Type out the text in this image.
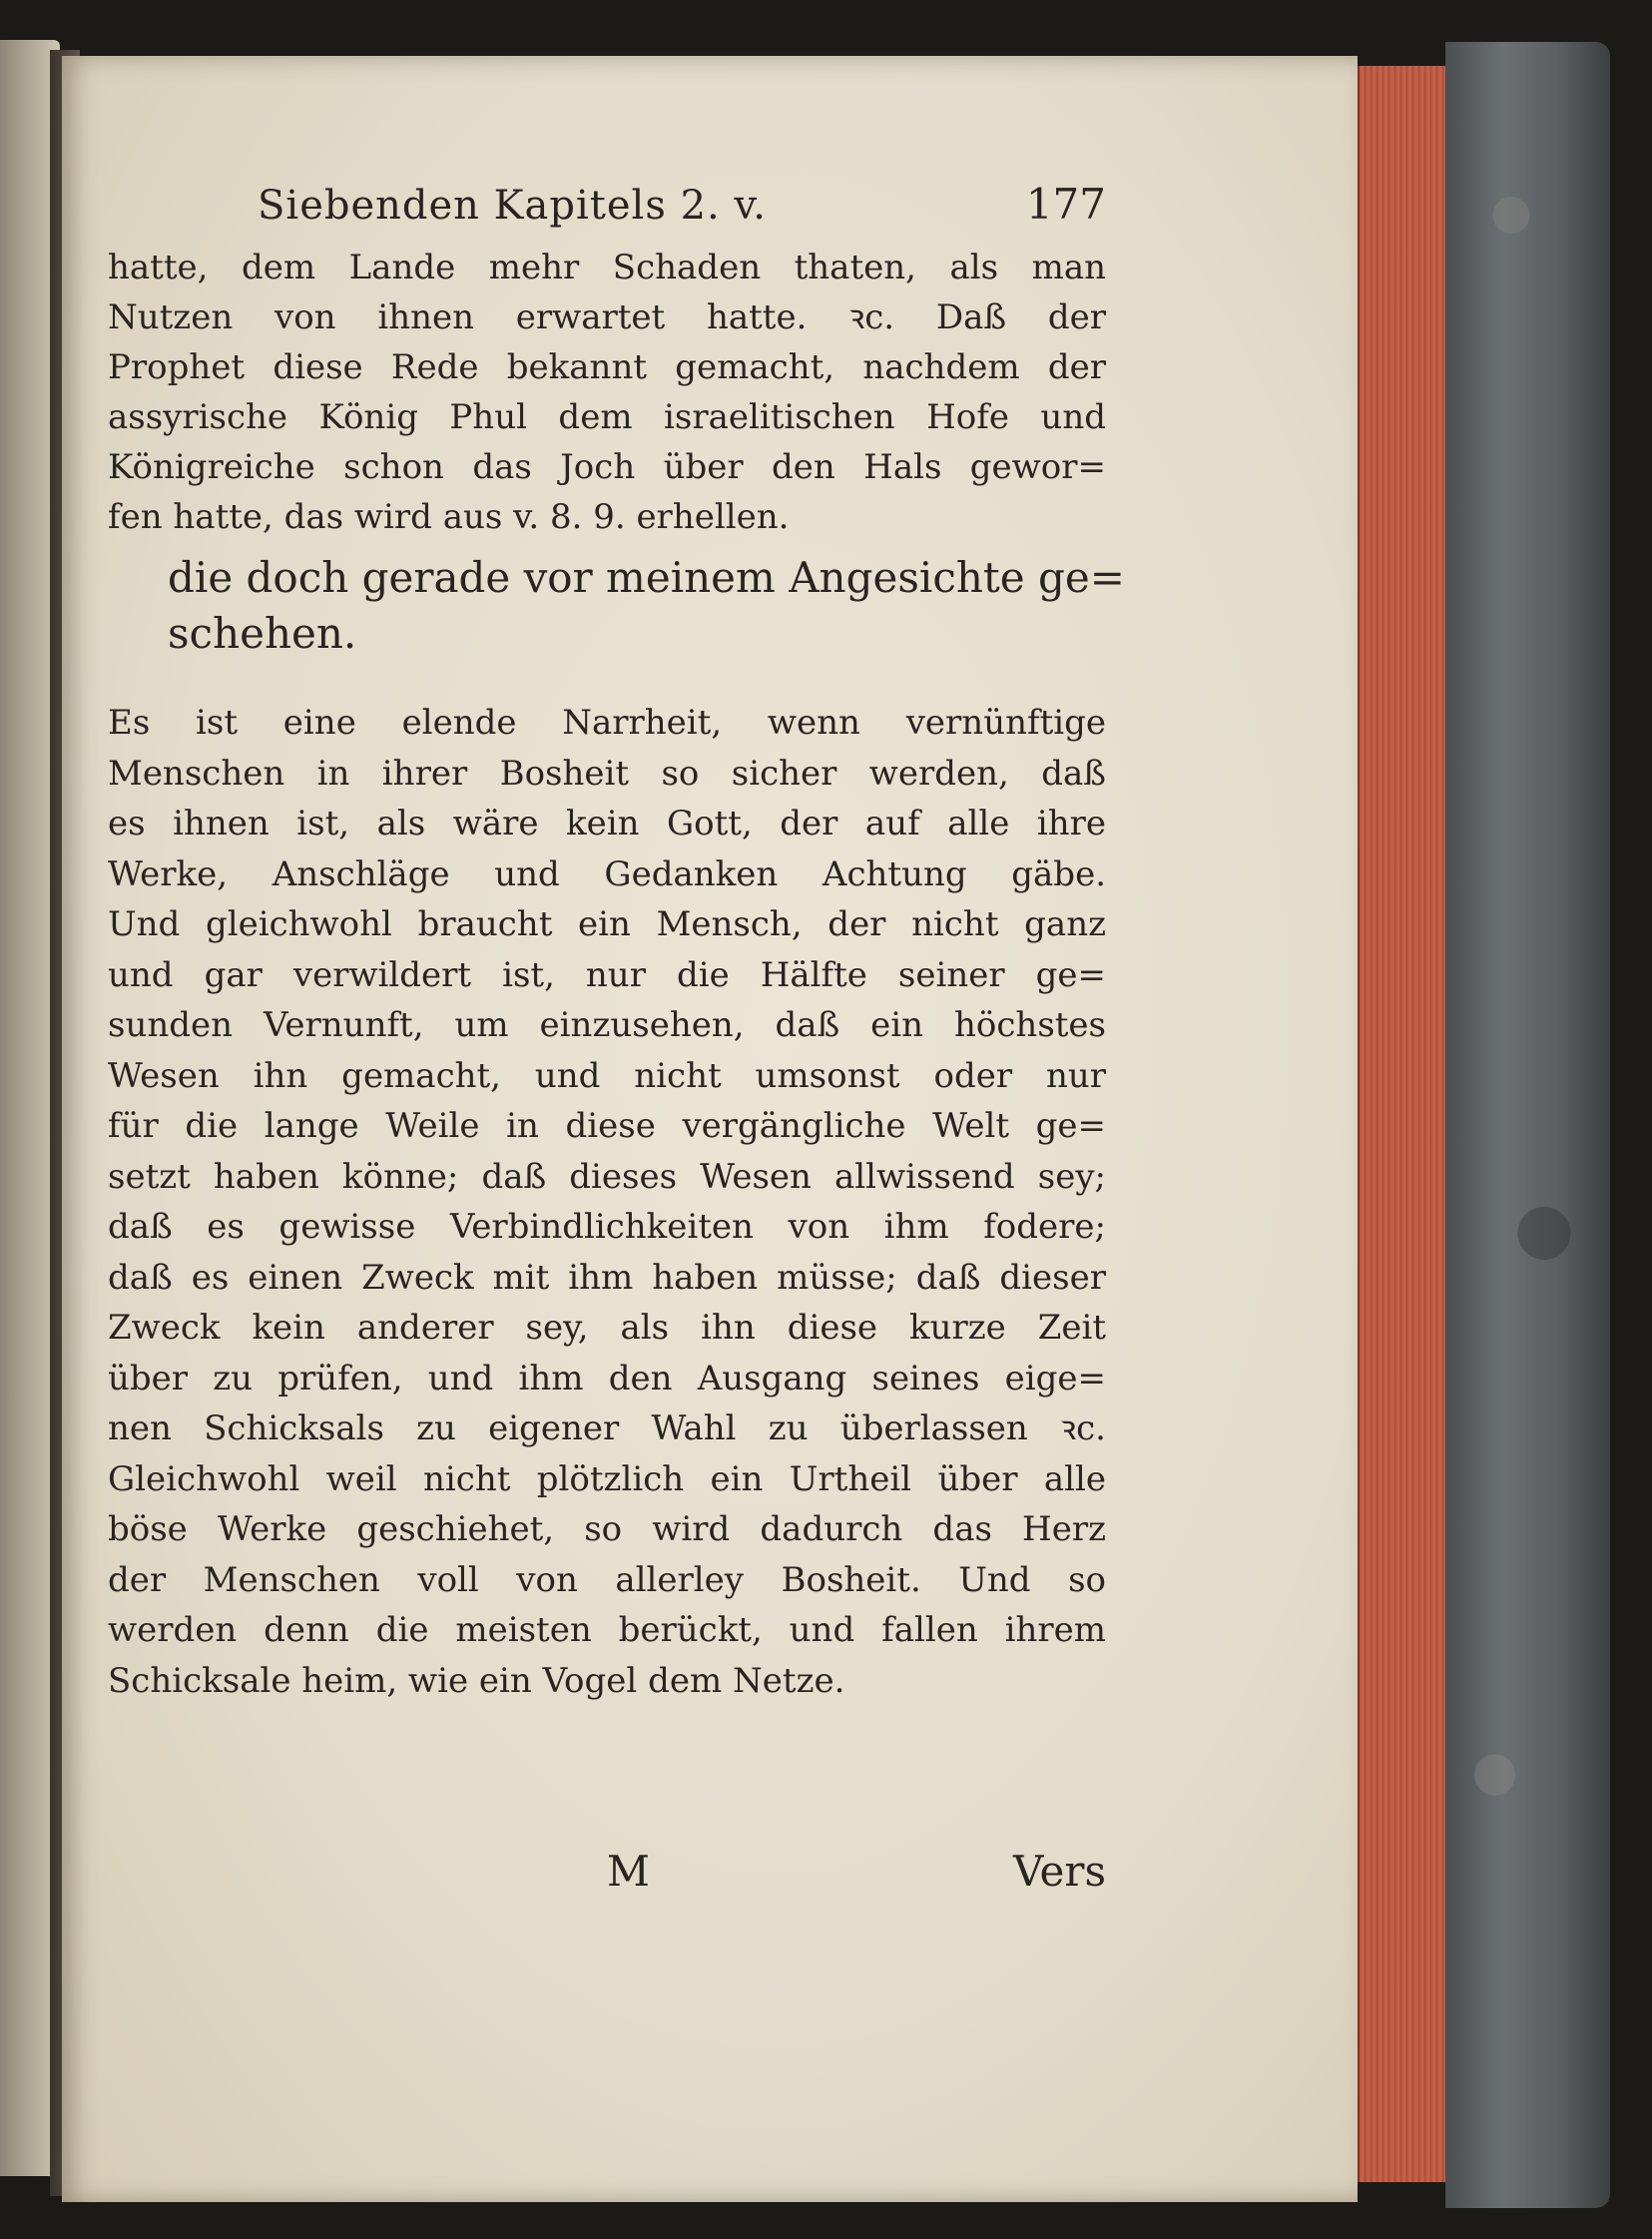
Siebenden Kapitels 2. v.	177
hatte, dem Lande mehr Schaden thaten, als man
Nutzen von ihnen erwartet hatte. ꝛc. Daß der
Prophet diese Rede bekannt gemacht, nachdem der
assyrische König Phul dem israelitischen Hofe und
Königreiche schon das Joch über den Hals gewor=
fen hatte, das wird aus v. 8. 9. erhellen.
die doch gerade vor meinem Angesichte ge=
schehen.
Es ist eine elende Narrheit, wenn vernünftige
Menschen in ihrer Bosheit so sicher werden, daß
es ihnen ist, als wäre kein Gott, der auf alle ihre
Werke, Anschläge und Gedanken Achtung gäbe.
Und gleichwohl braucht ein Mensch, der nicht ganz
und gar verwildert ist, nur die Hälfte seiner ge=
sunden Vernunft, um einzusehen, daß ein höchstes
Wesen ihn gemacht, und nicht umsonst oder nur
für die lange Weile in diese vergängliche Welt ge=
setzt haben könne; daß dieses Wesen allwissend sey;
daß es gewisse Verbindlichkeiten von ihm fodere;
daß es einen Zweck mit ihm haben müsse; daß dieser
Zweck kein anderer sey, als ihn diese kurze Zeit
über zu prüfen, und ihm den Ausgang seines eige=
nen Schicksals zu eigener Wahl zu überlassen ꝛc.
Gleichwohl weil nicht plötzlich ein Urtheil über alle
böse Werke geschiehet, so wird dadurch das Herz
der Menschen voll von allerley Bosheit. Und so
werden denn die meisten berückt, und fallen ihrem
Schicksale heim, wie ein Vogel dem Netze.
M	Vers
